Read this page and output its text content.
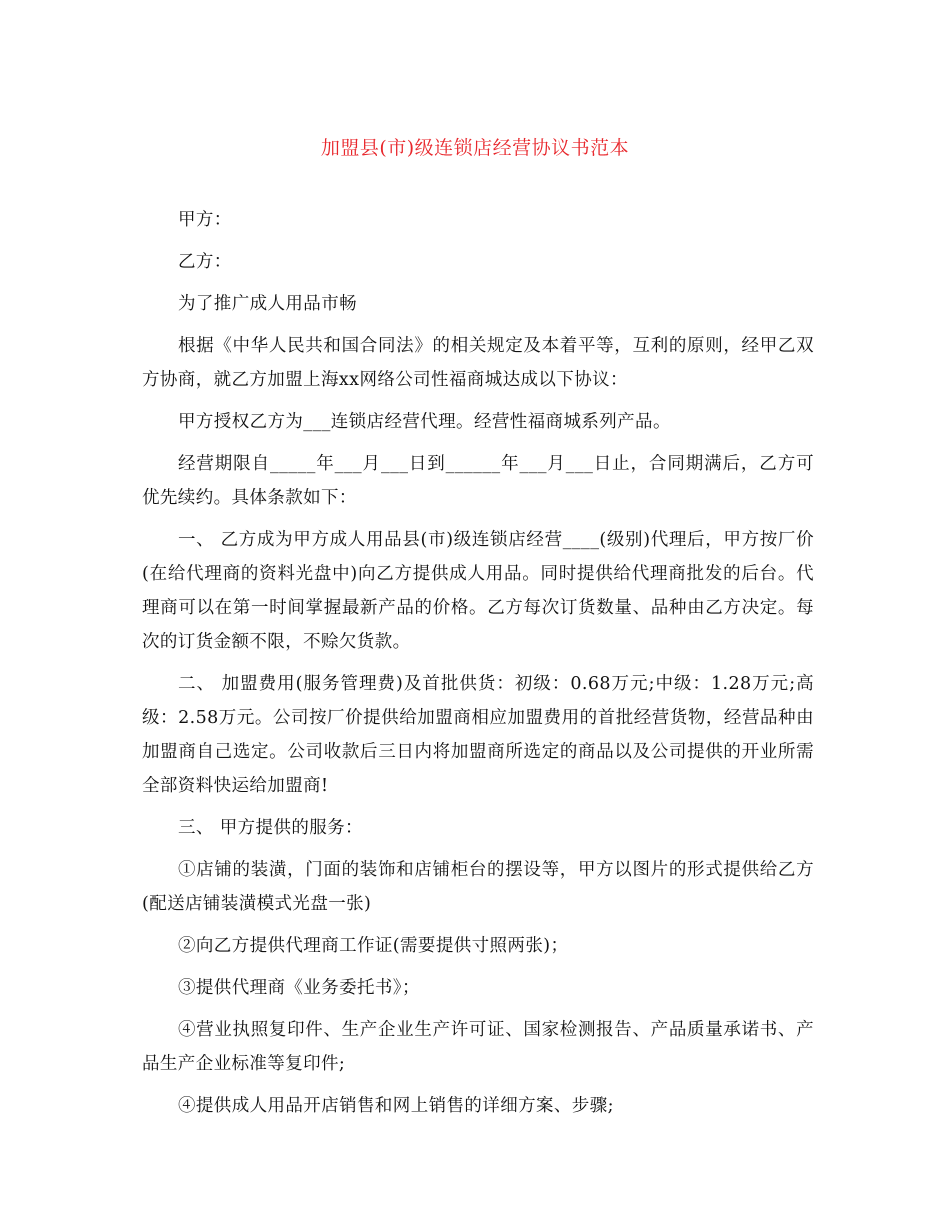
加盟县(市)级连锁店经营协议书范本

甲方：

乙方：

为了推广成人用品市畅

根据《中华人民共和国合同法》的相关规定及本着平等，互利的原则，经甲乙双方协商，就乙方加盟上海xx网络公司性福商城达成以下协议：

甲方授权乙方为___连锁店经营代理。经营性福商城系列产品。

经营期限自_____年___月___日到______年___月___日止，合同期满后，乙方可优先续约。具体条款如下：

一、 乙方成为甲方成人用品县(市)级连锁店经营____(级别)代理后，甲方按厂价(在给代理商的资料光盘中)向乙方提供成人用品。同时提供给代理商批发的后台。代理商可以在第一时间掌握最新产品的价格。乙方每次订货数量、品种由乙方决定。每次的订货金额不限，不赊欠货款。

二、 加盟费用(服务管理费)及首批供货：初级：0.68万元;中级：1.28万元;高级：2.58万元。公司按厂价提供给加盟商相应加盟费用的首批经营货物，经营品种由加盟商自己选定。公司收款后三日内将加盟商所选定的商品以及公司提供的开业所需全部资料快运给加盟商!

三、 甲方提供的服务：

①店铺的装潢，门面的装饰和店铺柜台的摆设等，甲方以图片的形式提供给乙方(配送店铺装潢模式光盘一张)

②向乙方提供代理商工作证(需要提供寸照两张)；

③提供代理商《业务委托书》；

④营业执照复印件、生产企业生产许可证、国家检测报告、产品质量承诺书、产品生产企业标准等复印件;

④提供成人用品开店销售和网上销售的详细方案、步骤;
